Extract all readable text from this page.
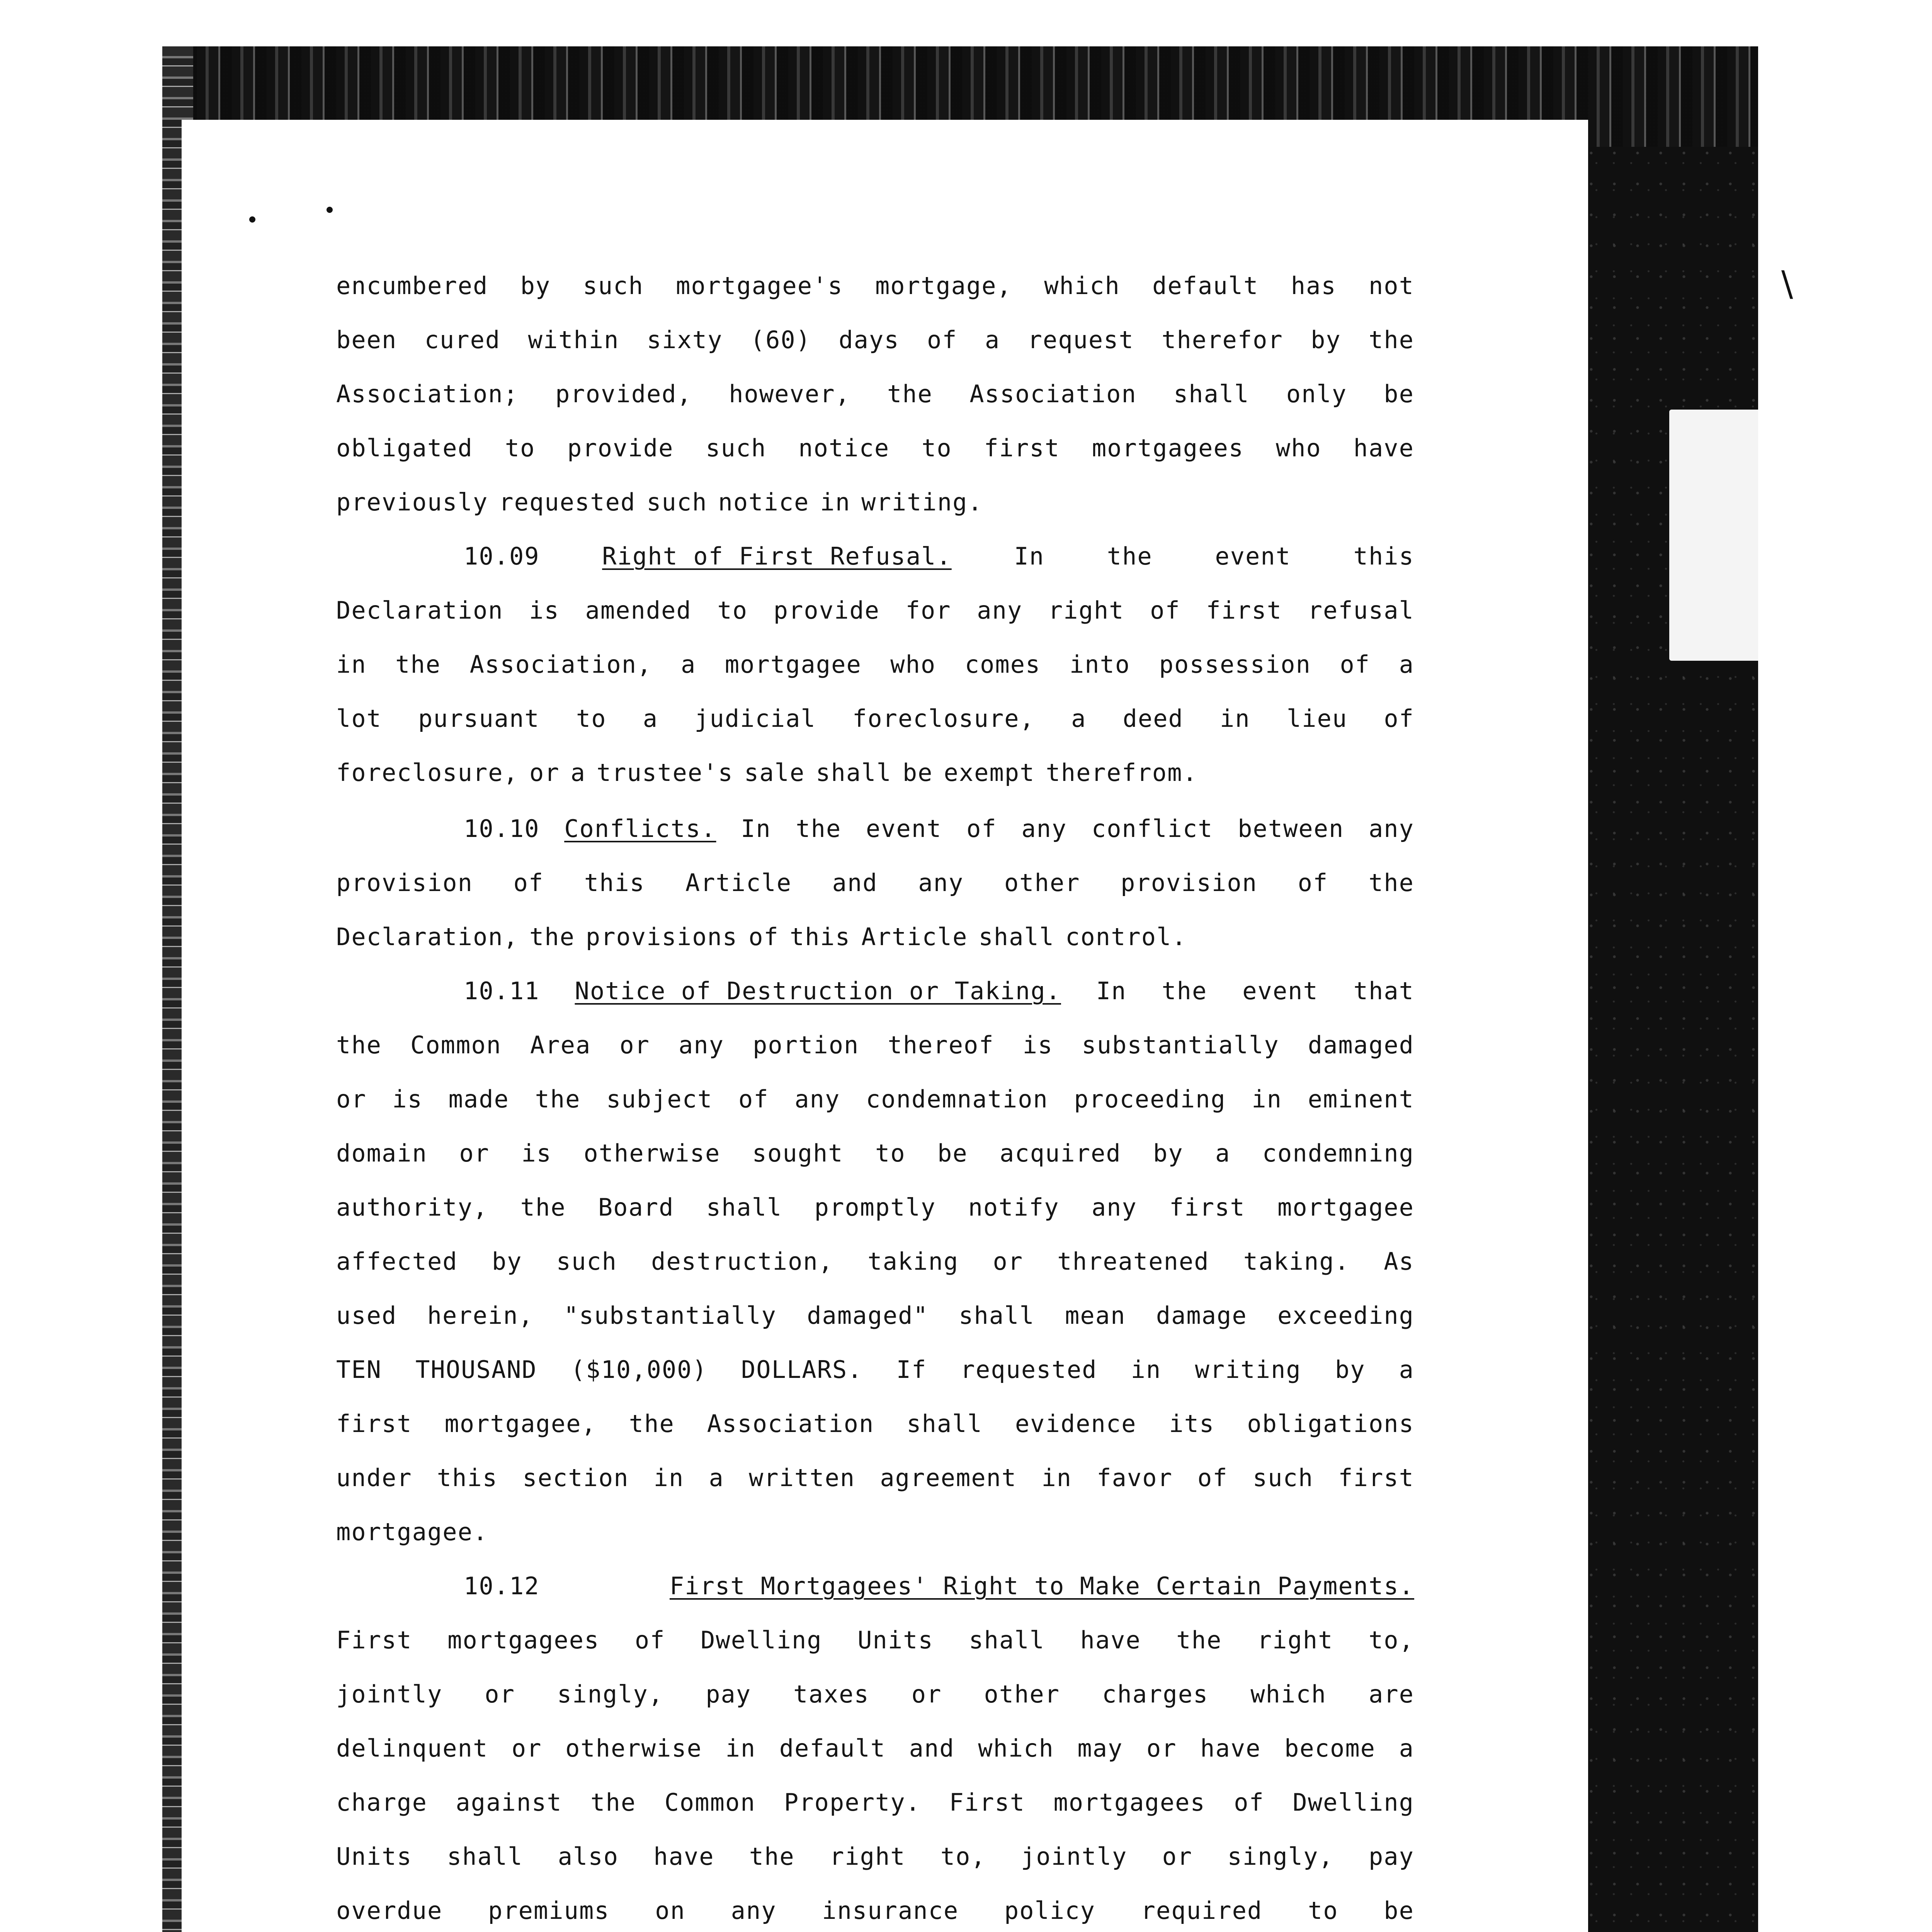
\
encumbered by such mortgagee's mortgage, which default has not
been cured within sixty (60) days of a request therefor by the
Association; provided, however, the Association shall only be
obligated to provide such notice to first mortgagees who have
previously requested such notice in writing.
10.09	Right of First Refusal.	In	the	event	this
Declaration is amended to provide for any right of first refusal
in the Association, a mortgagee who comes into possession of a
lot pursuant to a judicial foreclosure, a deed in lieu of
foreclosure, or a trustee's sale shall be exempt therefrom.
10.10 Conflicts. In the event of any conflict between any
provision of this Article and any other provision of the
Declaration, the provisions of this Article shall control.
10.11 Notice of Destruction or Taking. In the event that
the Common Area or any portion thereof is substantially damaged
or is made the subject of any condemnation proceeding in eminent
domain or is otherwise sought to be acquired by a condemning
authority, the Board shall promptly notify any first mortgagee
affected by such destruction, taking or threatened taking. As
used herein, "substantially damaged" shall mean damage exceeding
TEN THOUSAND ($10,000) DOLLARS. If requested in writing by a
first mortgagee, the Association shall evidence its obligations
under this section in a written agreement in favor of such first
mortgagee.
10.12	First Mortgagees' Right to Make Certain Payments.
First mortgagees of Dwelling Units shall have the right to,
jointly or singly, pay taxes or other charges which are
delinquent or otherwise in default and which may or have become a
charge against the Common Property. First mortgagees of Dwelling
Units shall also have the right to, jointly or singly, pay
overdue premiums on any insurance policy required to be
